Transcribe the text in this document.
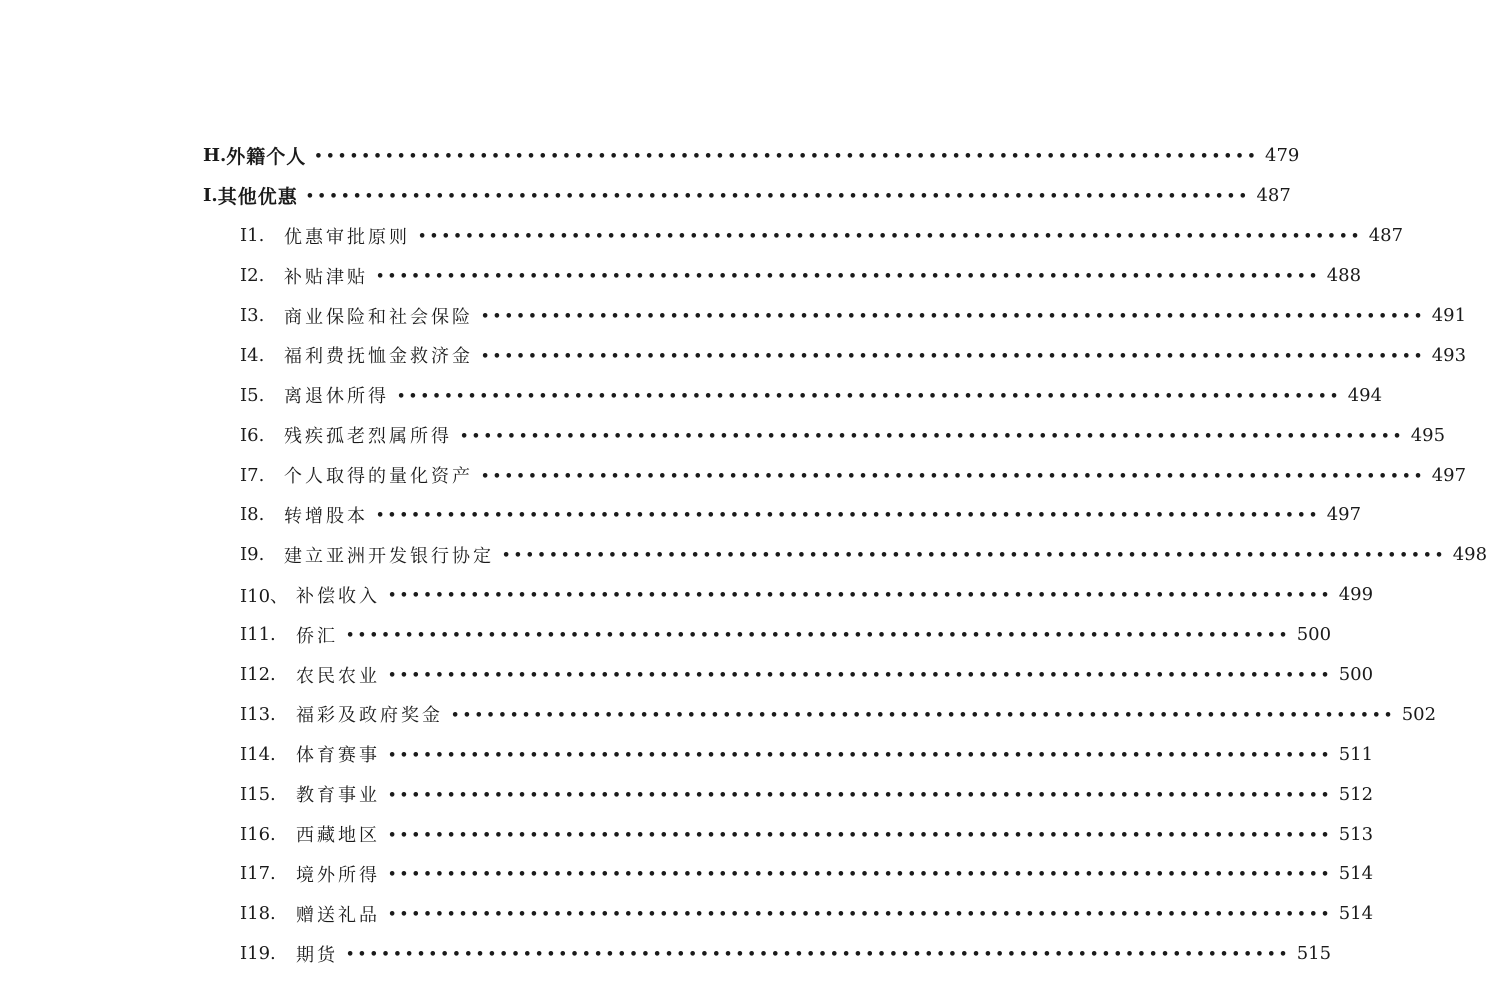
H. 外籍个人 •••••••••••••••••••••••••••••••••••••••••••••••••••••••••••••••••••••••••••••••• 479
I. 其他优惠 •••••••••••••••••••••••••••••••••••••••••••••••••••••••••••••••••••••••••••••••• 487
I1.	优惠审批原则 •••••••••••••••••••••••••••••••••••••••••••••••••••••••••••••••••••••••••••••••• 487
I2.	补贴津贴 •••••••••••••••••••••••••••••••••••••••••••••••••••••••••••••••••••••••••••••••• 488
I3.	商业保险和社会保险 •••••••••••••••••••••••••••••••••••••••••••••••••••••••••••••••••••••••••••••••• 491
I4.	福利费抚恤金救济金 •••••••••••••••••••••••••••••••••••••••••••••••••••••••••••••••••••••••••••••••• 493
I5.	离退休所得 •••••••••••••••••••••••••••••••••••••••••••••••••••••••••••••••••••••••••••••••• 494
I6.	残疾孤老烈属所得 •••••••••••••••••••••••••••••••••••••••••••••••••••••••••••••••••••••••••••••••• 495
I7.	个人取得的量化资产 •••••••••••••••••••••••••••••••••••••••••••••••••••••••••••••••••••••••••••••••• 497
I8.	转增股本 •••••••••••••••••••••••••••••••••••••••••••••••••••••••••••••••••••••••••••••••• 497
I9.	建立亚洲开发银行协定 •••••••••••••••••••••••••••••••••••••••••••••••••••••••••••••••••••••••••••••••• 498
I10、 补偿收入 •••••••••••••••••••••••••••••••••••••••••••••••••••••••••••••••••••••••••••••••• 499
I11.	侨汇 •••••••••••••••••••••••••••••••••••••••••••••••••••••••••••••••••••••••••••••••• 500
I12.	农民农业 •••••••••••••••••••••••••••••••••••••••••••••••••••••••••••••••••••••••••••••••• 500
I13.	福彩及政府奖金 •••••••••••••••••••••••••••••••••••••••••••••••••••••••••••••••••••••••••••••••• 502
I14.	体育赛事 •••••••••••••••••••••••••••••••••••••••••••••••••••••••••••••••••••••••••••••••• 511
I15.	教育事业 •••••••••••••••••••••••••••••••••••••••••••••••••••••••••••••••••••••••••••••••• 512
I16.	西藏地区 •••••••••••••••••••••••••••••••••••••••••••••••••••••••••••••••••••••••••••••••• 513
I17.	境外所得 •••••••••••••••••••••••••••••••••••••••••••••••••••••••••••••••••••••••••••••••• 514
I18.	赠送礼品 •••••••••••••••••••••••••••••••••••••••••••••••••••••••••••••••••••••••••••••••• 514
I19.	期货 •••••••••••••••••••••••••••••••••••••••••••••••••••••••••••••••••••••••••••••••• 515
